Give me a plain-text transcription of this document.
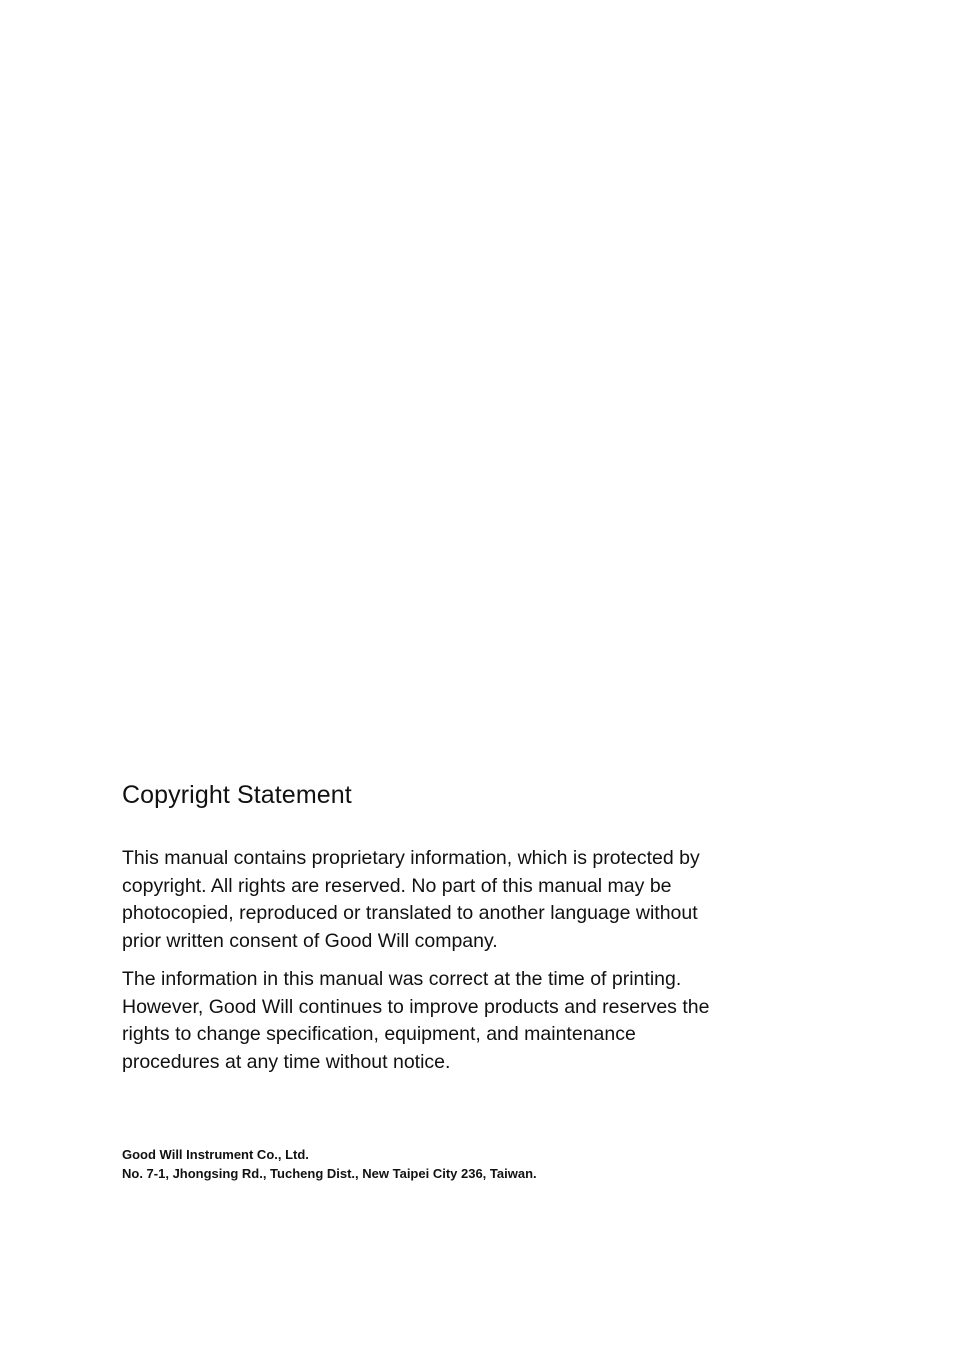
Copyright Statement

This manual contains proprietary information, which is protected by
copyright. All rights are reserved. No part of this manual may be
photocopied, reproduced or translated to another language without
prior written consent of Good Will company.

The information in this manual was correct at the time of printing.
However, Good Will continues to improve products and reserves the
rights to change specification, equipment, and maintenance
procedures at any time without notice.

Good Will Instrument Co., Ltd.
No. 7-1, Jhongsing Rd., Tucheng Dist., New Taipei City 236, Taiwan.
